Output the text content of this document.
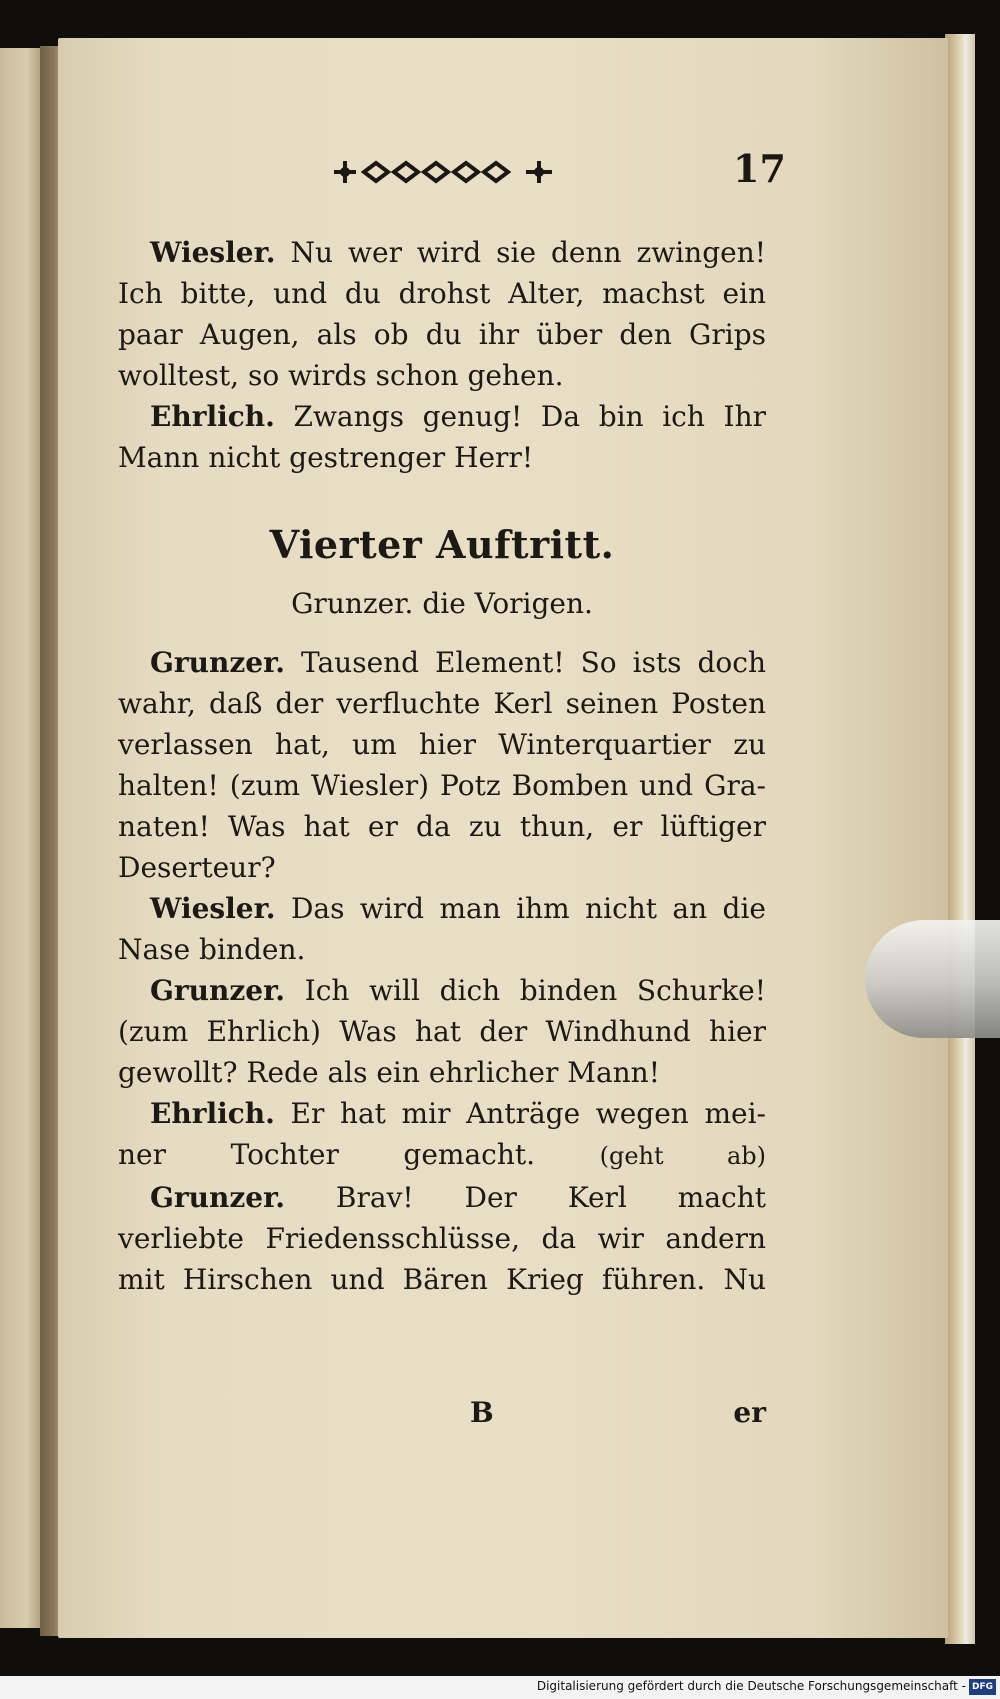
17
Wiesler. Nu wer wird sie denn zwingen!
Ich bitte, und du drohst Alter, machst ein
paar Augen, als ob du ihr über den Grips
wolltest, so wirds schon gehen.
Ehrlich. Zwangs genug! Da bin ich Ihr
Mann nicht gestrenger Herr!
Vierter Auftritt.
Grunzer. die Vorigen.
Grunzer. Tausend Element! So ists doch
wahr, daß der verfluchte Kerl seinen Posten
verlassen hat, um hier Winterquartier zu
halten! (zum Wiesler) Potz Bomben und Gra-
naten! Was hat er da zu thun, er lüftiger
Deserteur?
Wiesler. Das wird man ihm nicht an die
Nase binden.
Grunzer. Ich will dich binden Schurke!
(zum Ehrlich) Was hat der Windhund hier
gewollt? Rede als ein ehrlicher Mann!
Ehrlich. Er hat mir Anträge wegen mei-
ner Tochter gemacht.	(geht ab)
Grunzer. Brav! Der Kerl macht
verliebte Friedensschlüsse, da wir andern
mit Hirschen und Bären Krieg führen. Nu
B	er
Digitalisierung gefördert durch die Deutsche Forschungsgemeinschaft - DFG
